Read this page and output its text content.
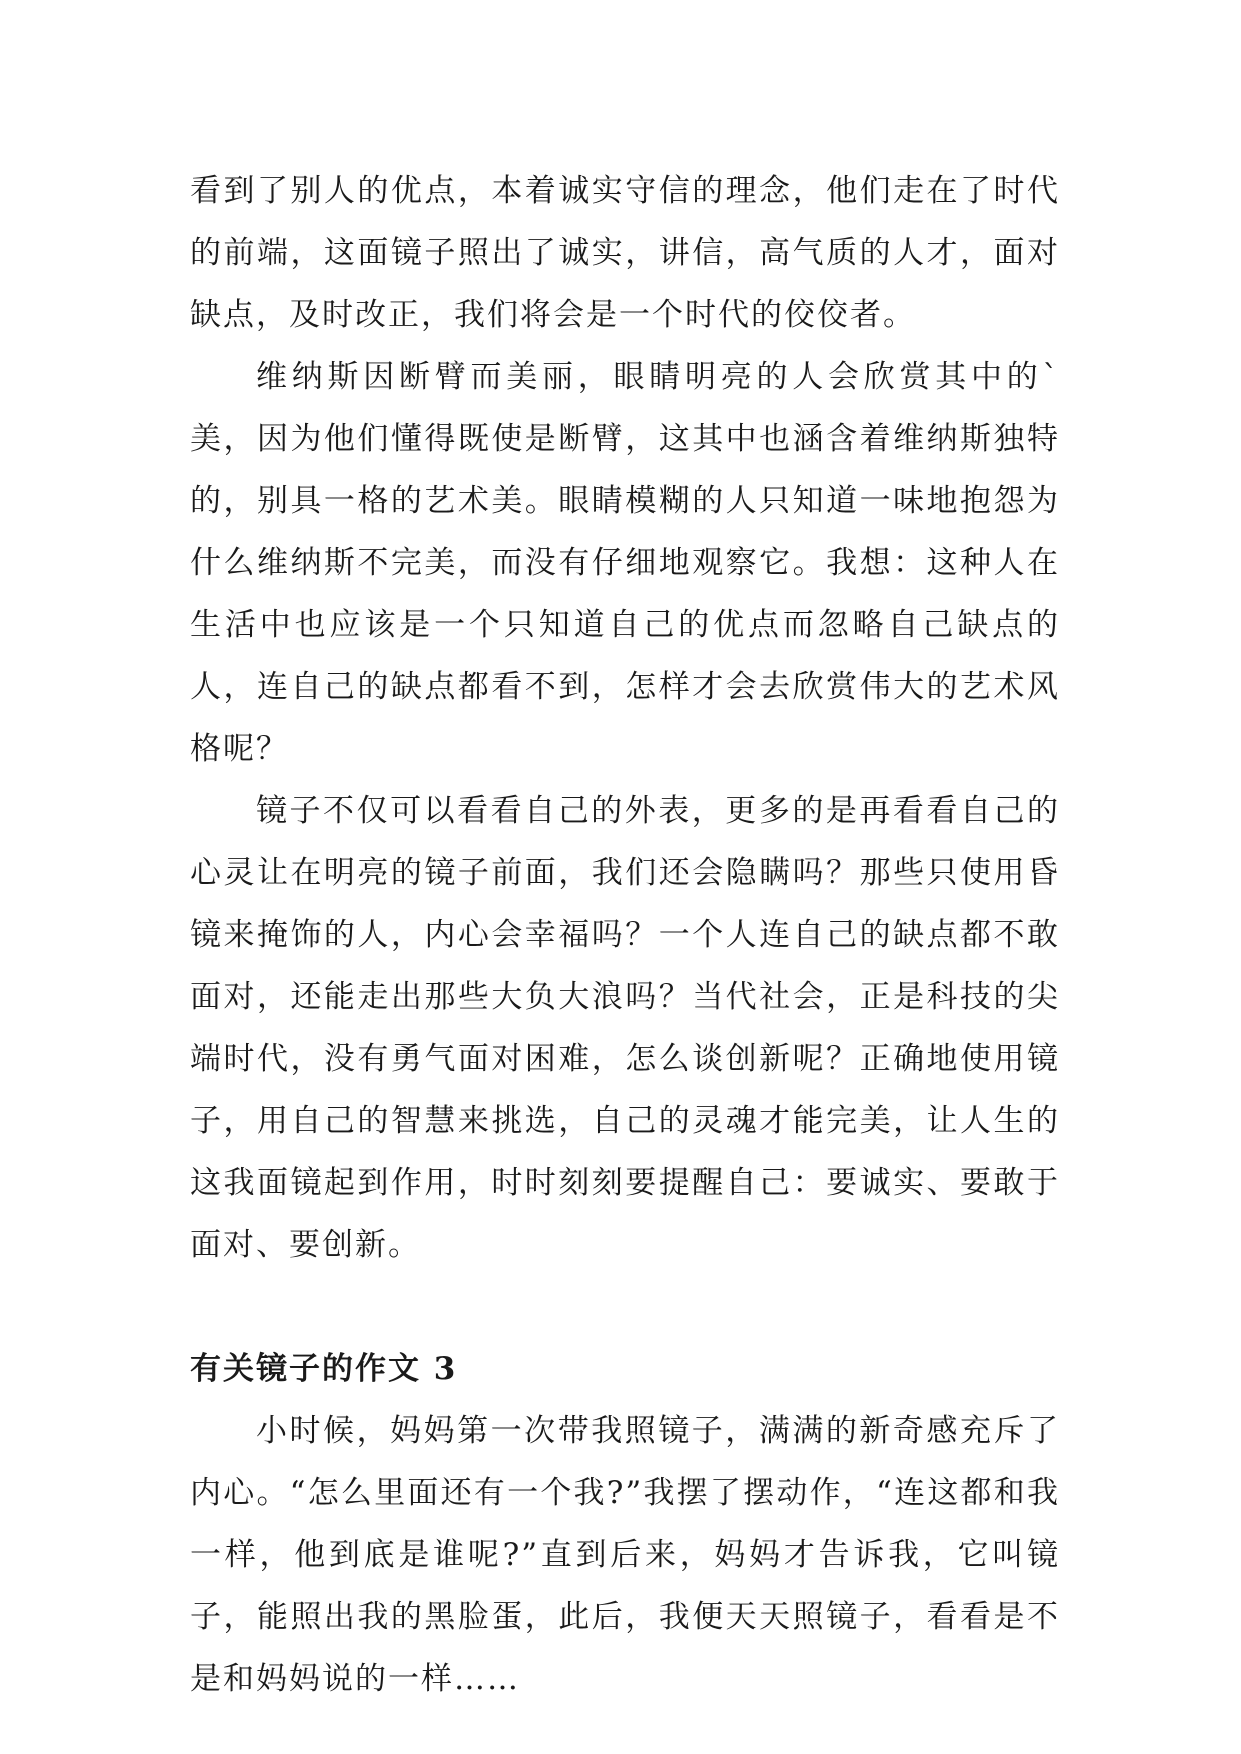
看到了别人的优点，本着诚实守信的理念，他们走在了时代的前端，这面镜子照出了诚实，讲信，高气质的人才，面对缺点，及时改正，我们将会是一个时代的佼佼者。

维纳斯因断臂而美丽，眼睛明亮的人会欣赏其中的`美，因为他们懂得既使是断臂，这其中也涵含着维纳斯独特的，别具一格的艺术美。眼睛模糊的人只知道一味地抱怨为什么维纳斯不完美，而没有仔细地观察它。我想：这种人在生活中也应该是一个只知道自己的优点而忽略自己缺点的人，连自己的缺点都看不到，怎样才会去欣赏伟大的艺术风格呢？

镜子不仅可以看看自己的外表，更多的是再看看自己的心灵让在明亮的镜子前面，我们还会隐瞒吗？那些只使用昏镜来掩饰的人，内心会幸福吗？一个人连自己的缺点都不敢面对，还能走出那些大负大浪吗？当代社会，正是科技的尖端时代，没有勇气面对困难，怎么谈创新呢？正确地使用镜子，用自己的智慧来挑选，自己的灵魂才能完美，让人生的这我面镜起到作用，时时刻刻要提醒自己：要诚实、要敢于面对、要创新。

有关镜子的作文 3

小时候，妈妈第一次带我照镜子，满满的新奇感充斥了内心。“怎么里面还有一个我?”我摆了摆动作，“连这都和我一样，他到底是谁呢?”直到后来，妈妈才告诉我，它叫镜子，能照出我的黑脸蛋，此后，我便天天照镜子，看看是不是和妈妈说的一样……
